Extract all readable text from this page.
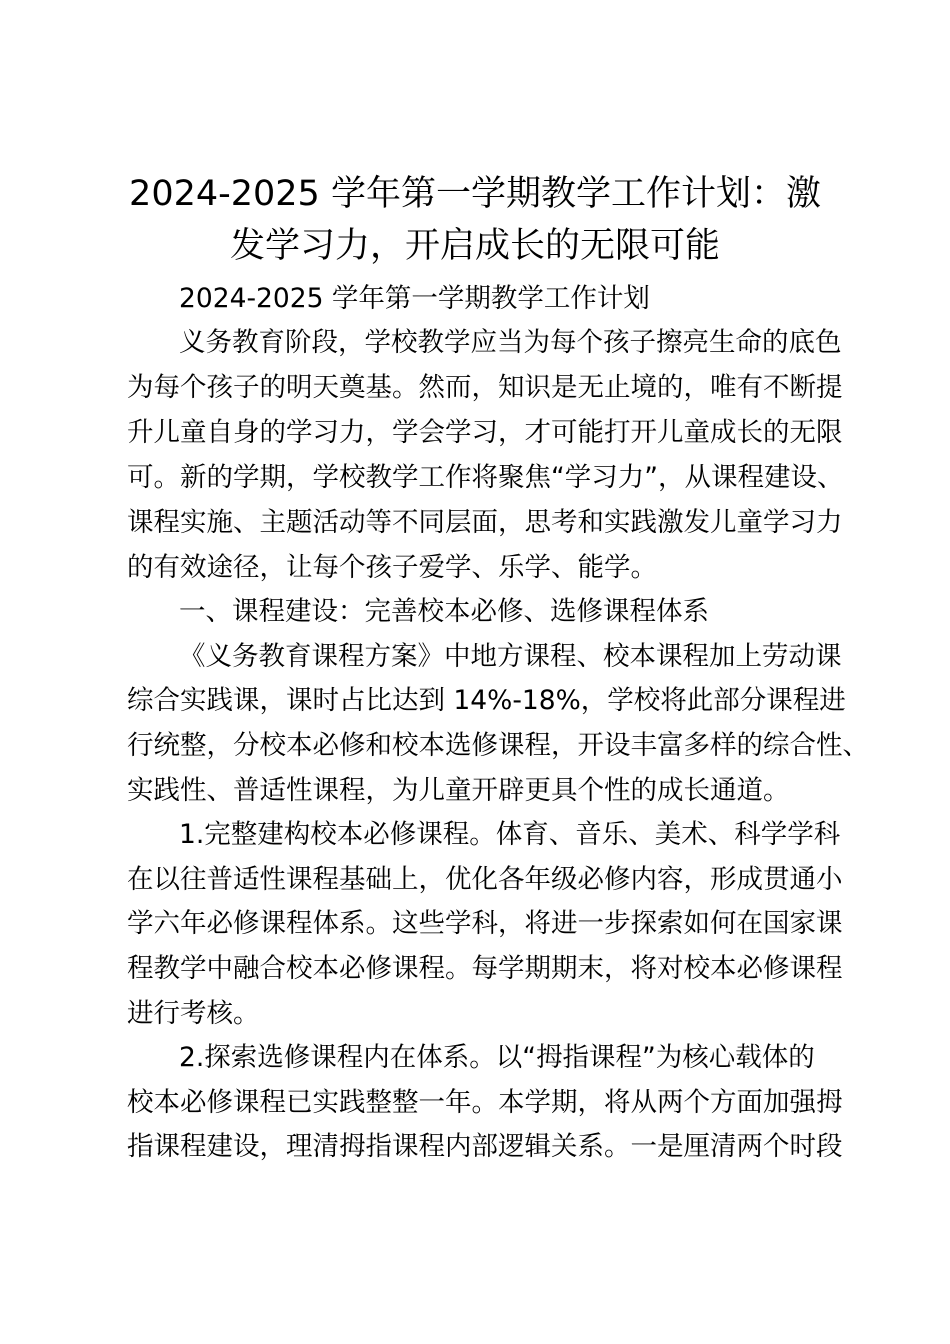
2024-2025 学年第一学期教学工作计划：激
发学习力，开启成长的无限可能
2024-2025 学年第一学期教学工作计划
义务教育阶段，学校教学应当为每个孩子擦亮生命的底色
为每个孩子的明天奠基。然而，知识是无止境的，唯有不断提
升儿童自身的学习力，学会学习，才可能打开儿童成长的无限
可。新的学期，学校教学工作将聚焦“学习力”，从课程建设、
课程实施、主题活动等不同层面，思考和实践激发儿童学习力
的有效途径，让每个孩子爱学、乐学、能学。
一、课程建设：完善校本必修、选修课程体系
《义务教育课程方案》中地方课程、校本课程加上劳动课
综合实践课，课时占比达到 14%-18%，学校将此部分课程进
行统整，分校本必修和校本选修课程，开设丰富多样的综合性、
实践性、普适性课程，为儿童开辟更具个性的成长通道。
1.完整建构校本必修课程。体育、音乐、美术、科学学科
在以往普适性课程基础上，优化各年级必修内容，形成贯通小
学六年必修课程体系。这些学科，将进一步探索如何在国家课
程教学中融合校本必修课程。每学期期末，将对校本必修课程
进行考核。
2.探索选修课程内在体系。以“拇指课程”为核心载体的
校本必修课程已实践整整一年。本学期，将从两个方面加强拇
指课程建设，理清拇指课程内部逻辑关系。一是厘清两个时段
